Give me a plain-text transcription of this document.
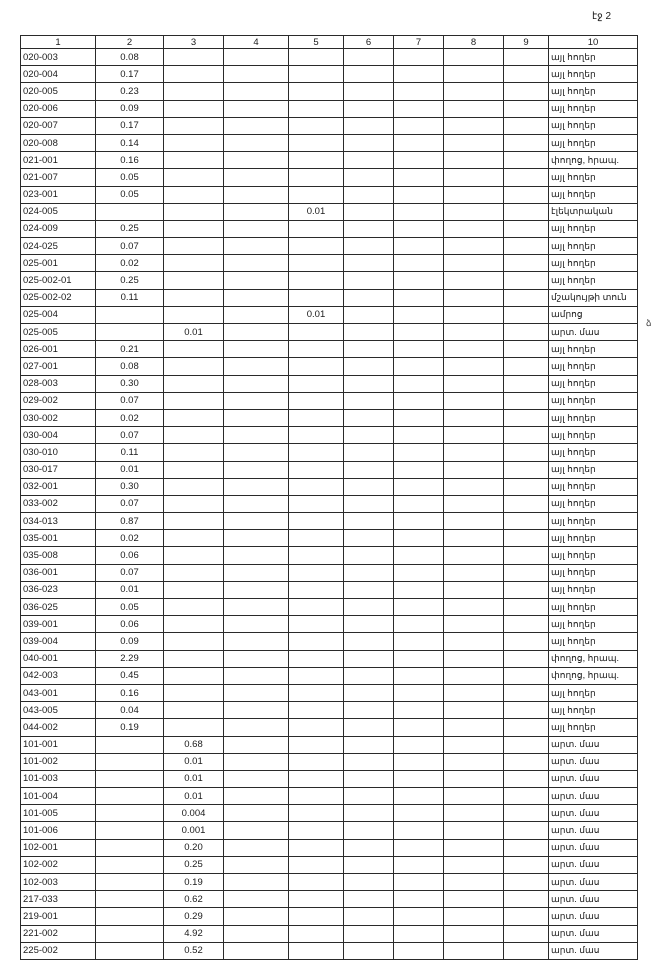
էջ 2
1	2	3	4	5	6	7	8	9	10
020-003	0.08								այլ հողեր
020-004	0.17								այլ հողեր
020-005	0.23								այլ հողեր
020-006	0.09								այլ հողեր
020-007	0.17								այլ հողեր
020-008	0.14								այլ հողեր
021-001	0.16								փողոց, հրապ.
021-007	0.05								այլ հողեր
023-001	0.05								այլ հողեր
024-005				0.01					էլեկտրական
024-009	0.25								այլ հողեր
024-025	0.07								այլ հողեր
025-001	0.02								այլ հողեր
025-002-01	0.25								այլ հողեր
025-002-02	0.11								մշակույթի տուն
025-004				0.01					ամրոց
025-005		0.01							արտ. մաս
026-001	0.21								այլ հողեր
027-001	0.08								այլ հողեր
028-003	0.30								այլ հողեր
029-002	0.07								այլ հողեր
030-002	0.02								այլ հողեր
030-004	0.07								այլ հողեր
030-010	0.11								այլ հողեր
030-017	0.01								այլ հողեր
032-001	0.30								այլ հողեր
033-002	0.07								այլ հողեր
034-013	0.87								այլ հողեր
035-001	0.02								այլ հողեր
035-008	0.06								այլ հողեր
036-001	0.07								այլ հողեր
036-023	0.01								այլ հողեր
036-025	0.05								այլ հողեր
039-001	0.06								այլ հողեր
039-004	0.09								այլ հողեր
040-001	2.29								փողոց, հրապ.
042-003	0.45								փողոց, հրապ.
043-001	0.16								այլ հողեր
043-005	0.04								այլ հողեր
044-002	0.19								այլ հողեր
101-001		0.68							արտ. մաս
101-002		0.01							արտ. մաս
101-003		0.01							արտ. մաս
101-004		0.01							արտ. մաս
101-005		0.004							արտ. մաս
101-006		0.001							արտ. մաս
102-001		0.20							արտ. մաս
102-002		0.25							արտ. մաս
102-003		0.19							արտ. մաս
217-033		0.62							արտ. մաս
219-001		0.29							արտ. մաս
221-002		4.92							արտ. մաս
225-002		0.52							արտ. մաս
ձ
